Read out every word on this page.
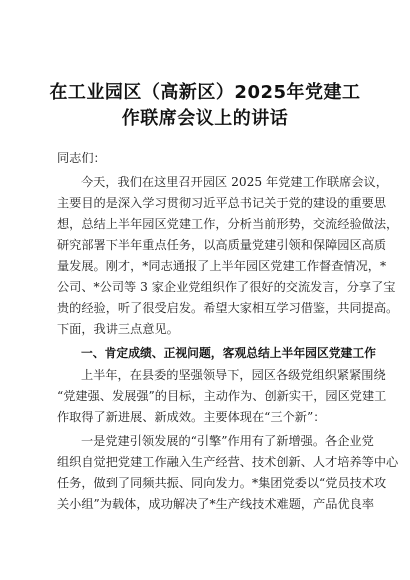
在工业园区（高新区）2025年党建工
作联席会议上的讲话
同志们：
今天，我们在这里召开园区 2025 年党建工作联席会议，
主要目的是深入学习贯彻习近平总书记关于党的建设的重要思
想，总结上半年园区党建工作，分析当前形势，交流经验做法，
研究部署下半年重点任务，以高质量党建引领和保障园区高质
量发展。刚才，*同志通报了上半年园区党建工作督查情况，*
公司、*公司等 3 家企业党组织作了很好的交流发言，分享了宝
贵的经验，听了很受启发。希望大家相互学习借鉴，共同提高。
下面，我讲三点意见。
一、肯定成绩、正视问题，客观总结上半年园区党建工作
上半年，在县委的坚强领导下，园区各级党组织紧紧围绕
“党建强、发展强”的目标，主动作为、创新实干，园区党建工
作取得了新进展、新成效。主要体现在“三个新”：
一是党建引领发展的“引擎”作用有了新增强。各企业党
组织自觉把党建工作融入生产经营、技术创新、人才培养等中心
任务，做到了同频共振、同向发力。*集团党委以“党员技术攻
关小组”为载体，成功解决了*生产线技术难题，产品优良率
